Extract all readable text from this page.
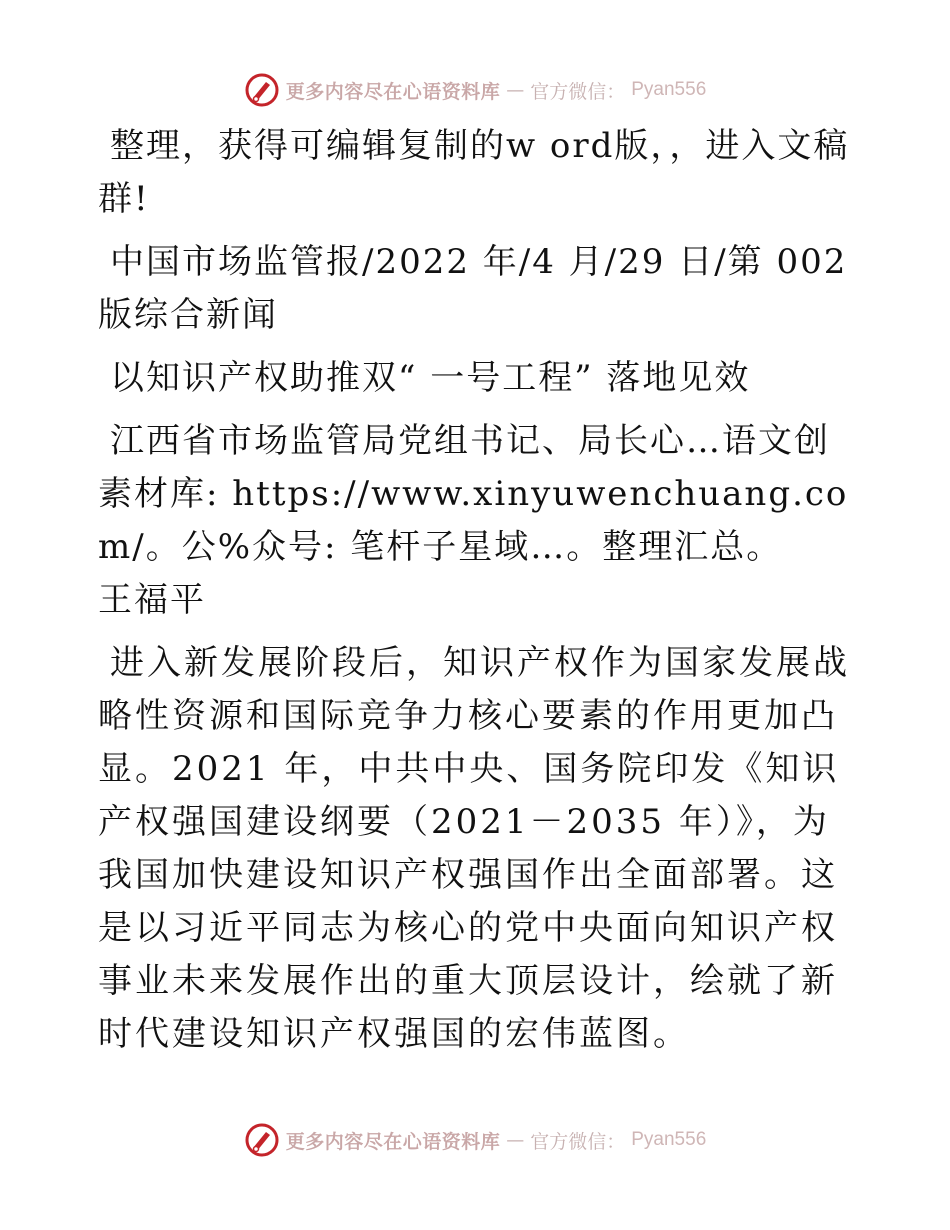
更多内容尽在心语资料库 — 官方微信： Pyan556

整理，获得可编辑复制的w ord版，，进入文稿群!

中国市场监管报/2022 年/4 月/29 日/第 002 版综合新闻

以知识产权助推双“ 一号工程” 落地见效

江西省市场监管局党组书记、局长心…语文创素材库: https://www.xinyuwenchuang.com/。公%众号: 笔杆子星域…。整理汇总。    王福平

进入新发展阶段后，知识产权作为国家发展战略性资源和国际竞争力核心要素的作用更加凸显。2021 年，中共中央、国务院印发《知识产权强国建设纲要（2021－2035 年）》，为我国加快建设知识产权强国作出全面部署。这是以习近平同志为核心的党中央面向知识产权事业未来发展作出的重大顶层设计，绘就了新时代建设知识产权强国的宏伟蓝图。

更多内容尽在心语资料库 — 官方微信： Pyan556
